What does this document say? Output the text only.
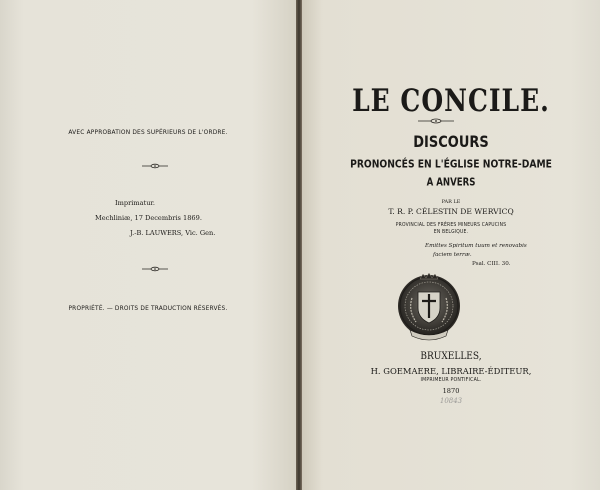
AVEC APPROBATION DES SUPÉRIEURS DE L'ORDRE.
Imprimatur.
Mechliniæ, 17 Decembris 1869.
J.-B. LAUWERS, Vic. Gen.
PROPRIÉTÉ. — DROITS DE TRADUCTION RÉSERVÉS.
LE CONCILE.
DISCOURS
PRONONCÉS EN L'ÉGLISE NOTRE-DAME
A ANVERS
PAR LE
T. R. P. CÉLESTIN DE WERVICQ
PROVINCIAL DES FRÈRES MINEURS CAPUCINS
EN BELGIQUE.
Emittes Spiritum tuum et renovabis
faciem terræ.
Psal. CIII. 30.
BRUXELLES,
H. GOEMAERE, LIBRAIRE-ÉDITEUR,
IMPRIMEUR PONTIFICAL.
1870
10843
